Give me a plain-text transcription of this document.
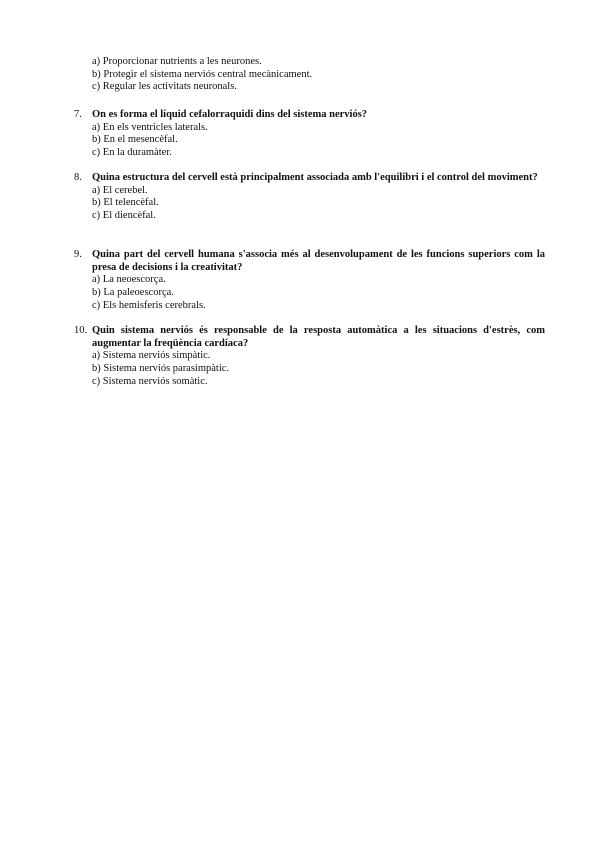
a) Proporcionar nutrients a les neurones.
b) Protegir el sistema nerviós central mecànicament.
c) Regular les activitats neuronals.
7. On es forma el líquid cefalorraquidi dins del sistema nerviós?
a) En els ventricles laterals.
b) En el mesencèfal.
c) En la duramàter.
8. Quina estructura del cervell està principalment associada amb l'equilibri i el control del moviment?
a) El cerebel.
b) El telencèfal.
c) El diencèfal.
9. Quina part del cervell humana s'associa més al desenvolupament de les funcions superiors com la presa de decisions i la creativitat?
a) La neoescorça.
b) La paleoescorça.
c) Els hemisferis cerebrals.
10. Quin sistema nerviós és responsable de la resposta automàtica a les situacions d'estrès, com augmentar la freqüència cardíaca?
a) Sistema nerviós simpàtic.
b) Sistema nerviós parasimpàtic.
c) Sistema nerviós somàtic.
